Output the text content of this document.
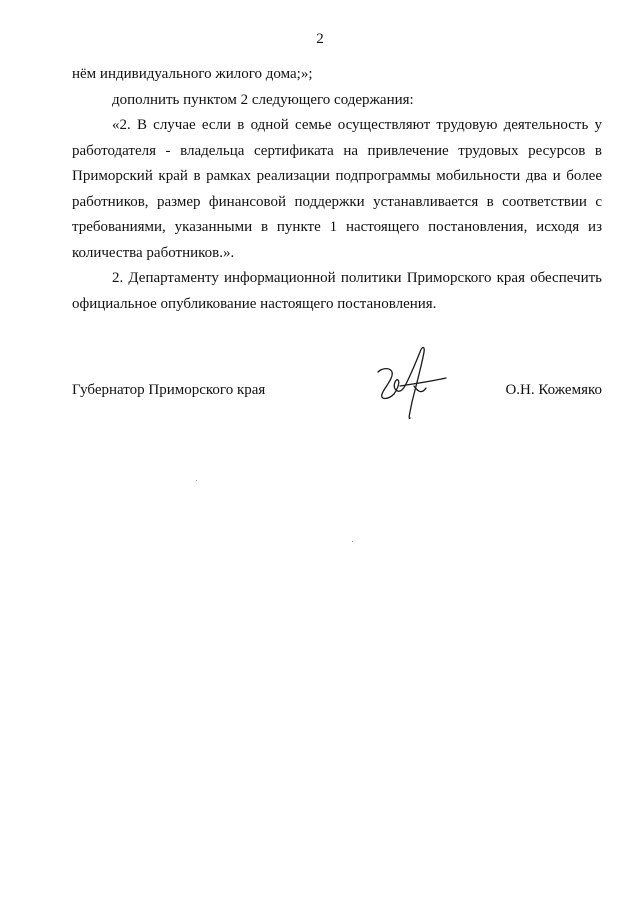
2

нём индивидуального жилого дома;»;

дополнить пунктом 2 следующего содержания:

«2. В случае если в одной семье осуществляют трудовую деятельность у работодателя - владельца сертификата на привлечение трудовых ресурсов в Приморский край в рамках реализации подпрограммы мобильности два и более работников, размер финансовой поддержки устанавливается в соответствии с требованиями, указанными в пункте 1 настоящего постановления, исходя из количества работников.».

2. Департаменту информационной политики Приморского края обеспечить официальное опубликование настоящего постановления.

Губернатор Приморского края	О.Н. Кожемяко
